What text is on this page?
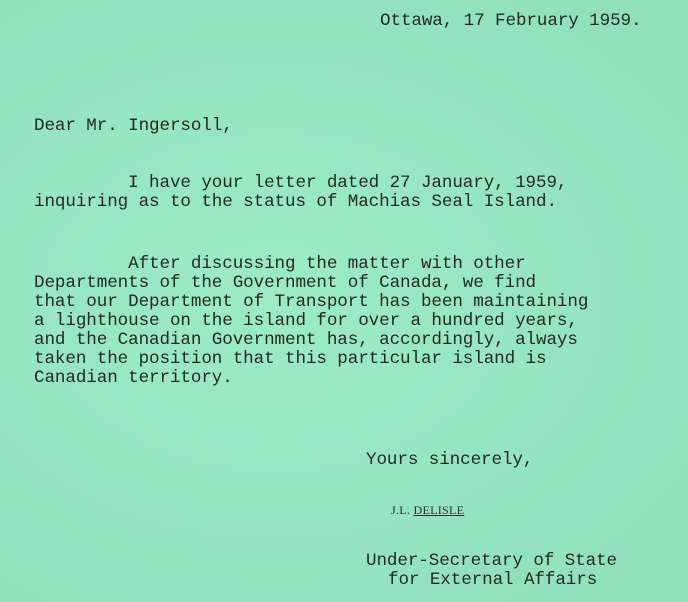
Ottawa, 17 February 1959.
Dear Mr. Ingersoll,
I have your letter dated 27 January, 1959,
inquiring as to the status of Machias Seal Island.
After discussing the matter with other
Departments of the Government of Canada, we find
that our Department of Transport has been maintaining
a lighthouse on the island for over a hundred years,
and the Canadian Government has, accordingly, always
taken the position that this particular island is
Canadian territory.
Yours sincerely,
J.L. DELISLE
Under-Secretary of State
for External Affairs
